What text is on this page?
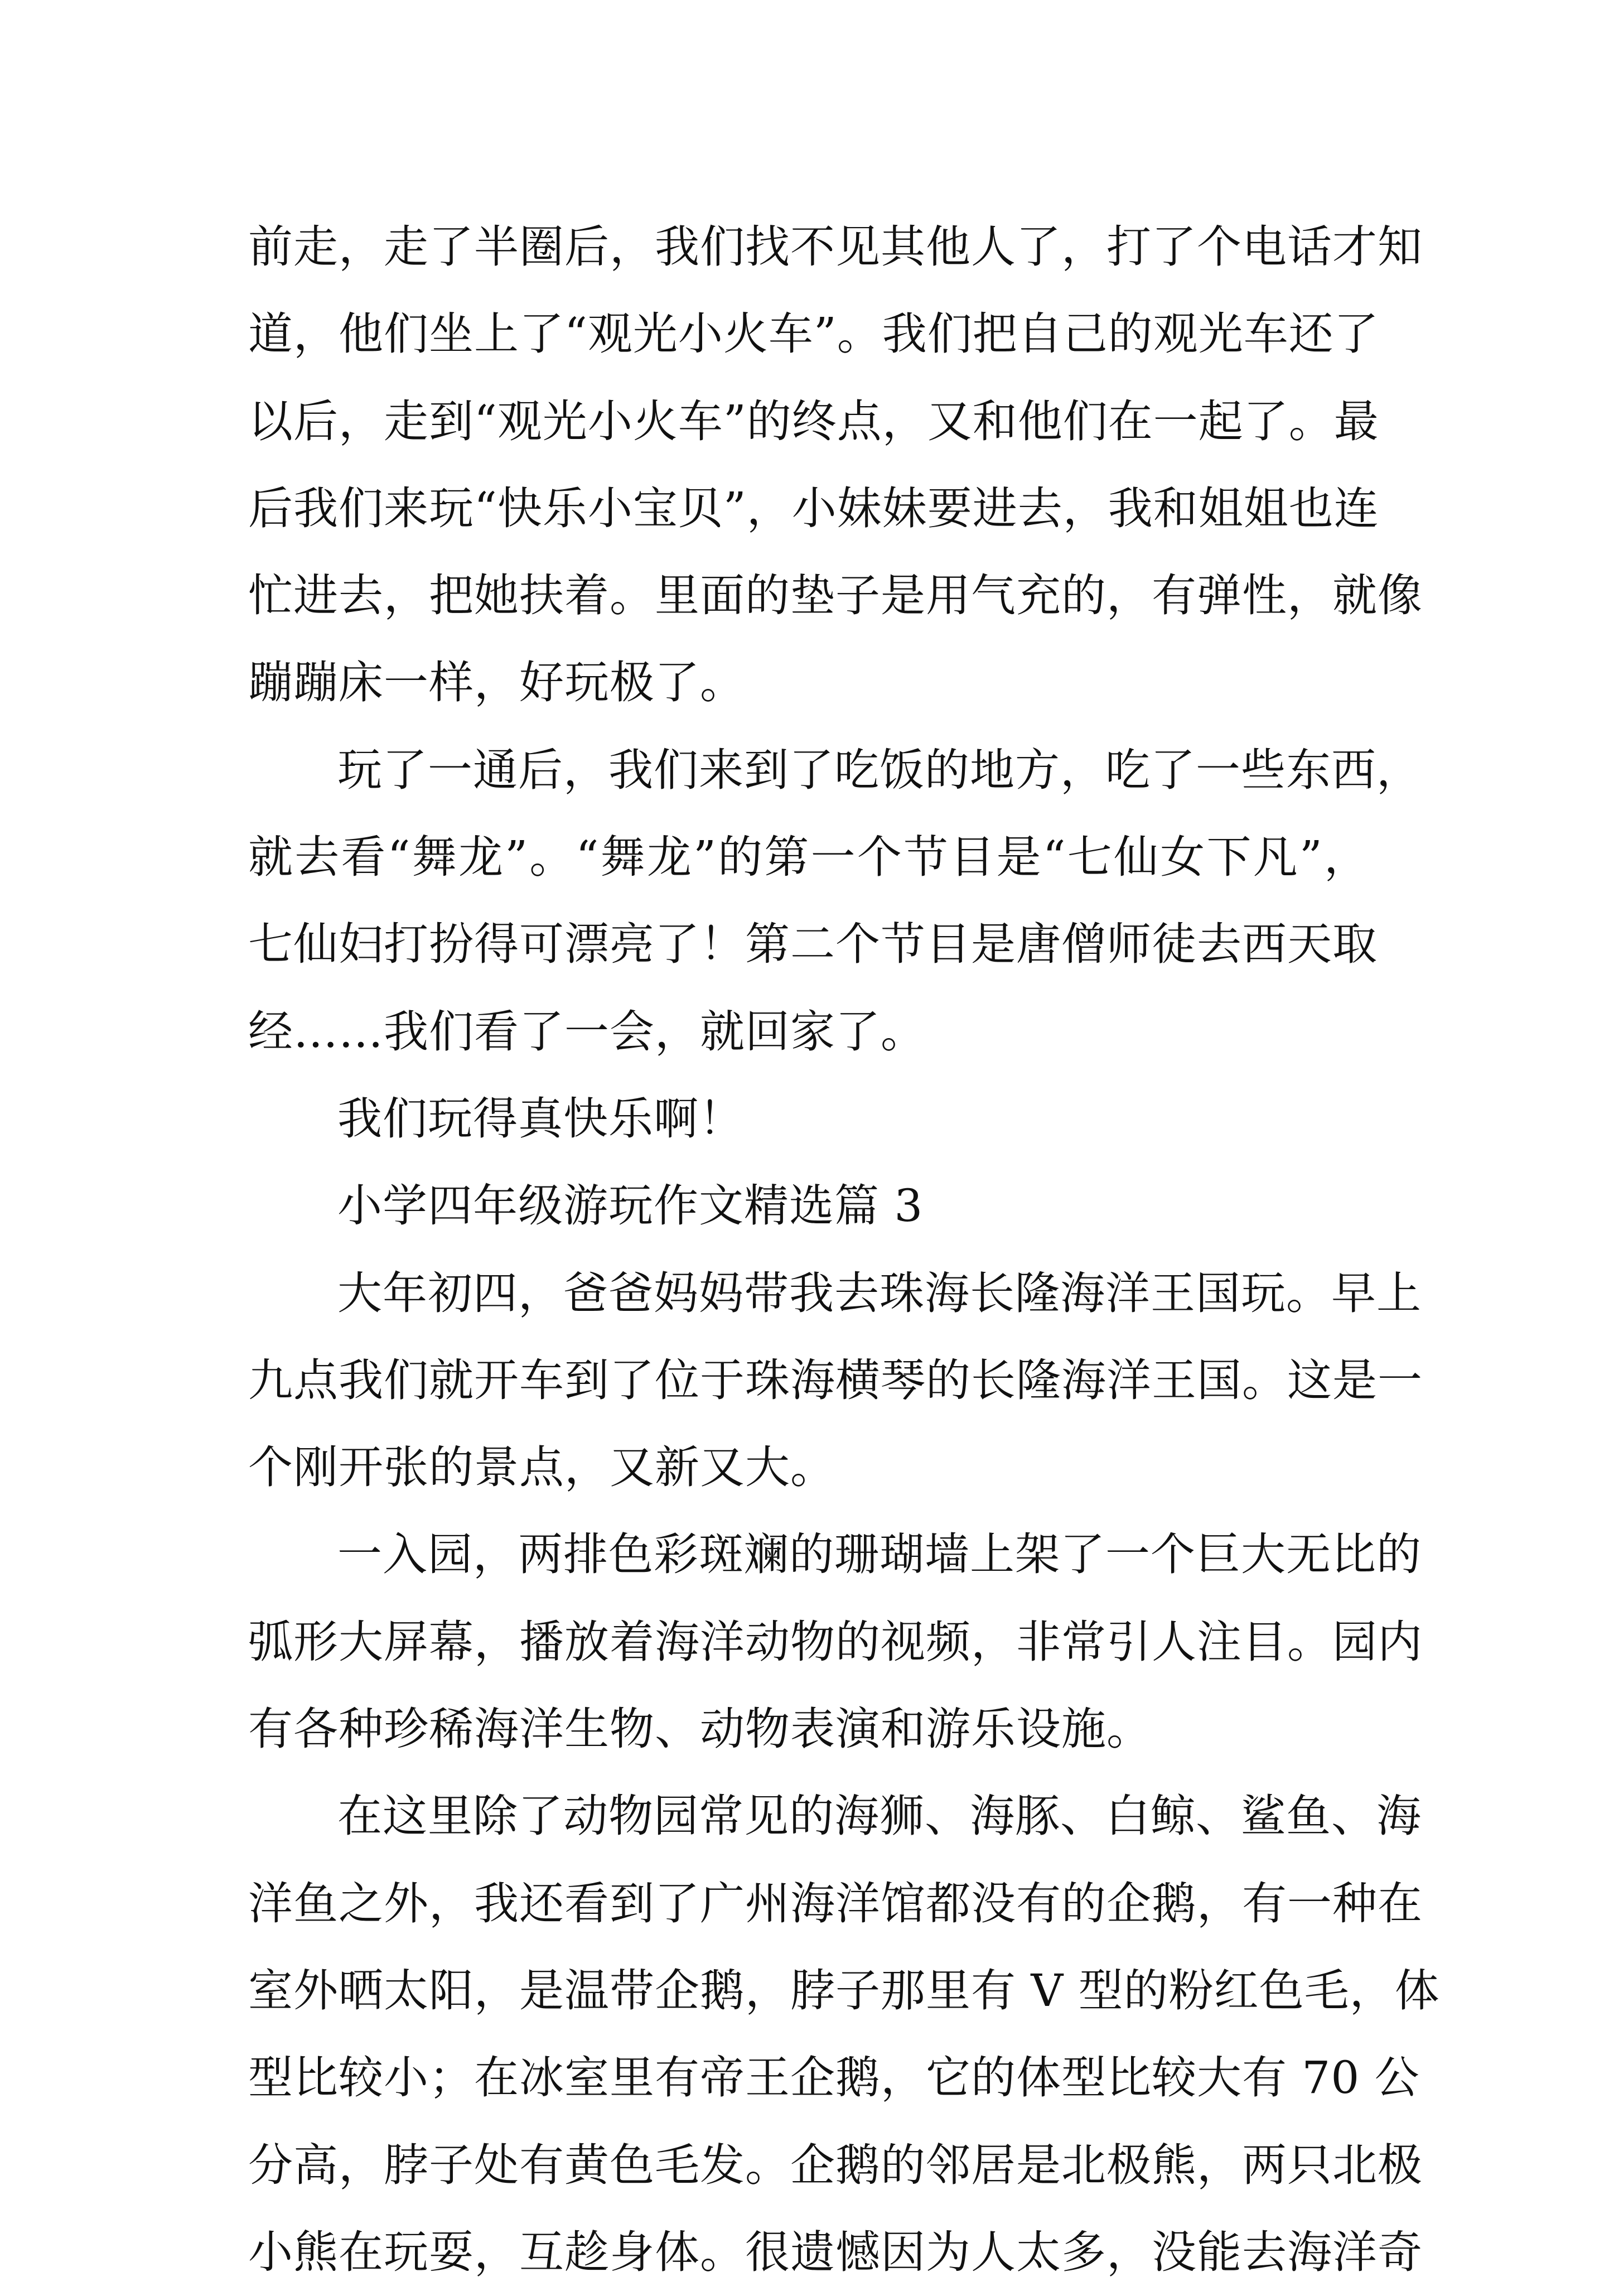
前走，走了半圈后，我们找不见其他人了，打了个电话才知
道，他们坐上了“观光小火车”。我们把自己的观光车还了
以后，走到“观光小火车”的终点，又和他们在一起了。最
后我们来玩“快乐小宝贝”，小妹妹要进去，我和姐姐也连
忙进去，把她扶着。里面的垫子是用气充的，有弹性，就像
蹦蹦床一样，好玩极了。
玩了一通后，我们来到了吃饭的地方，吃了一些东西，
就去看“舞龙”。“舞龙”的第一个节目是“七仙女下凡”，
七仙妇打扮得可漂亮了！第二个节目是唐僧师徒去西天取
经……我们看了一会，就回家了。
我们玩得真快乐啊！
小学四年级游玩作文精选篇 3
大年初四，爸爸妈妈带我去珠海长隆海洋王国玩。早上
九点我们就开车到了位于珠海横琴的长隆海洋王国。这是一
个刚开张的景点，又新又大。
一入园，两排色彩斑斓的珊瑚墙上架了一个巨大无比的
弧形大屏幕，播放着海洋动物的视频，非常引人注目。园内
有各种珍稀海洋生物、动物表演和游乐设施。
在这里除了动物园常见的海狮、海豚、白鲸、鲨鱼、海
洋鱼之外，我还看到了广州海洋馆都没有的企鹅，有一种在
室外晒太阳，是温带企鹅，脖子那里有 V 型的粉红色毛，体
型比较小；在冰室里有帝王企鹅，它的体型比较大有 70 公
分高，脖子处有黄色毛发。企鹅的邻居是北极熊，两只北极
小熊在玩耍，互趁身体。很遗憾因为人太多，没能去海洋奇
